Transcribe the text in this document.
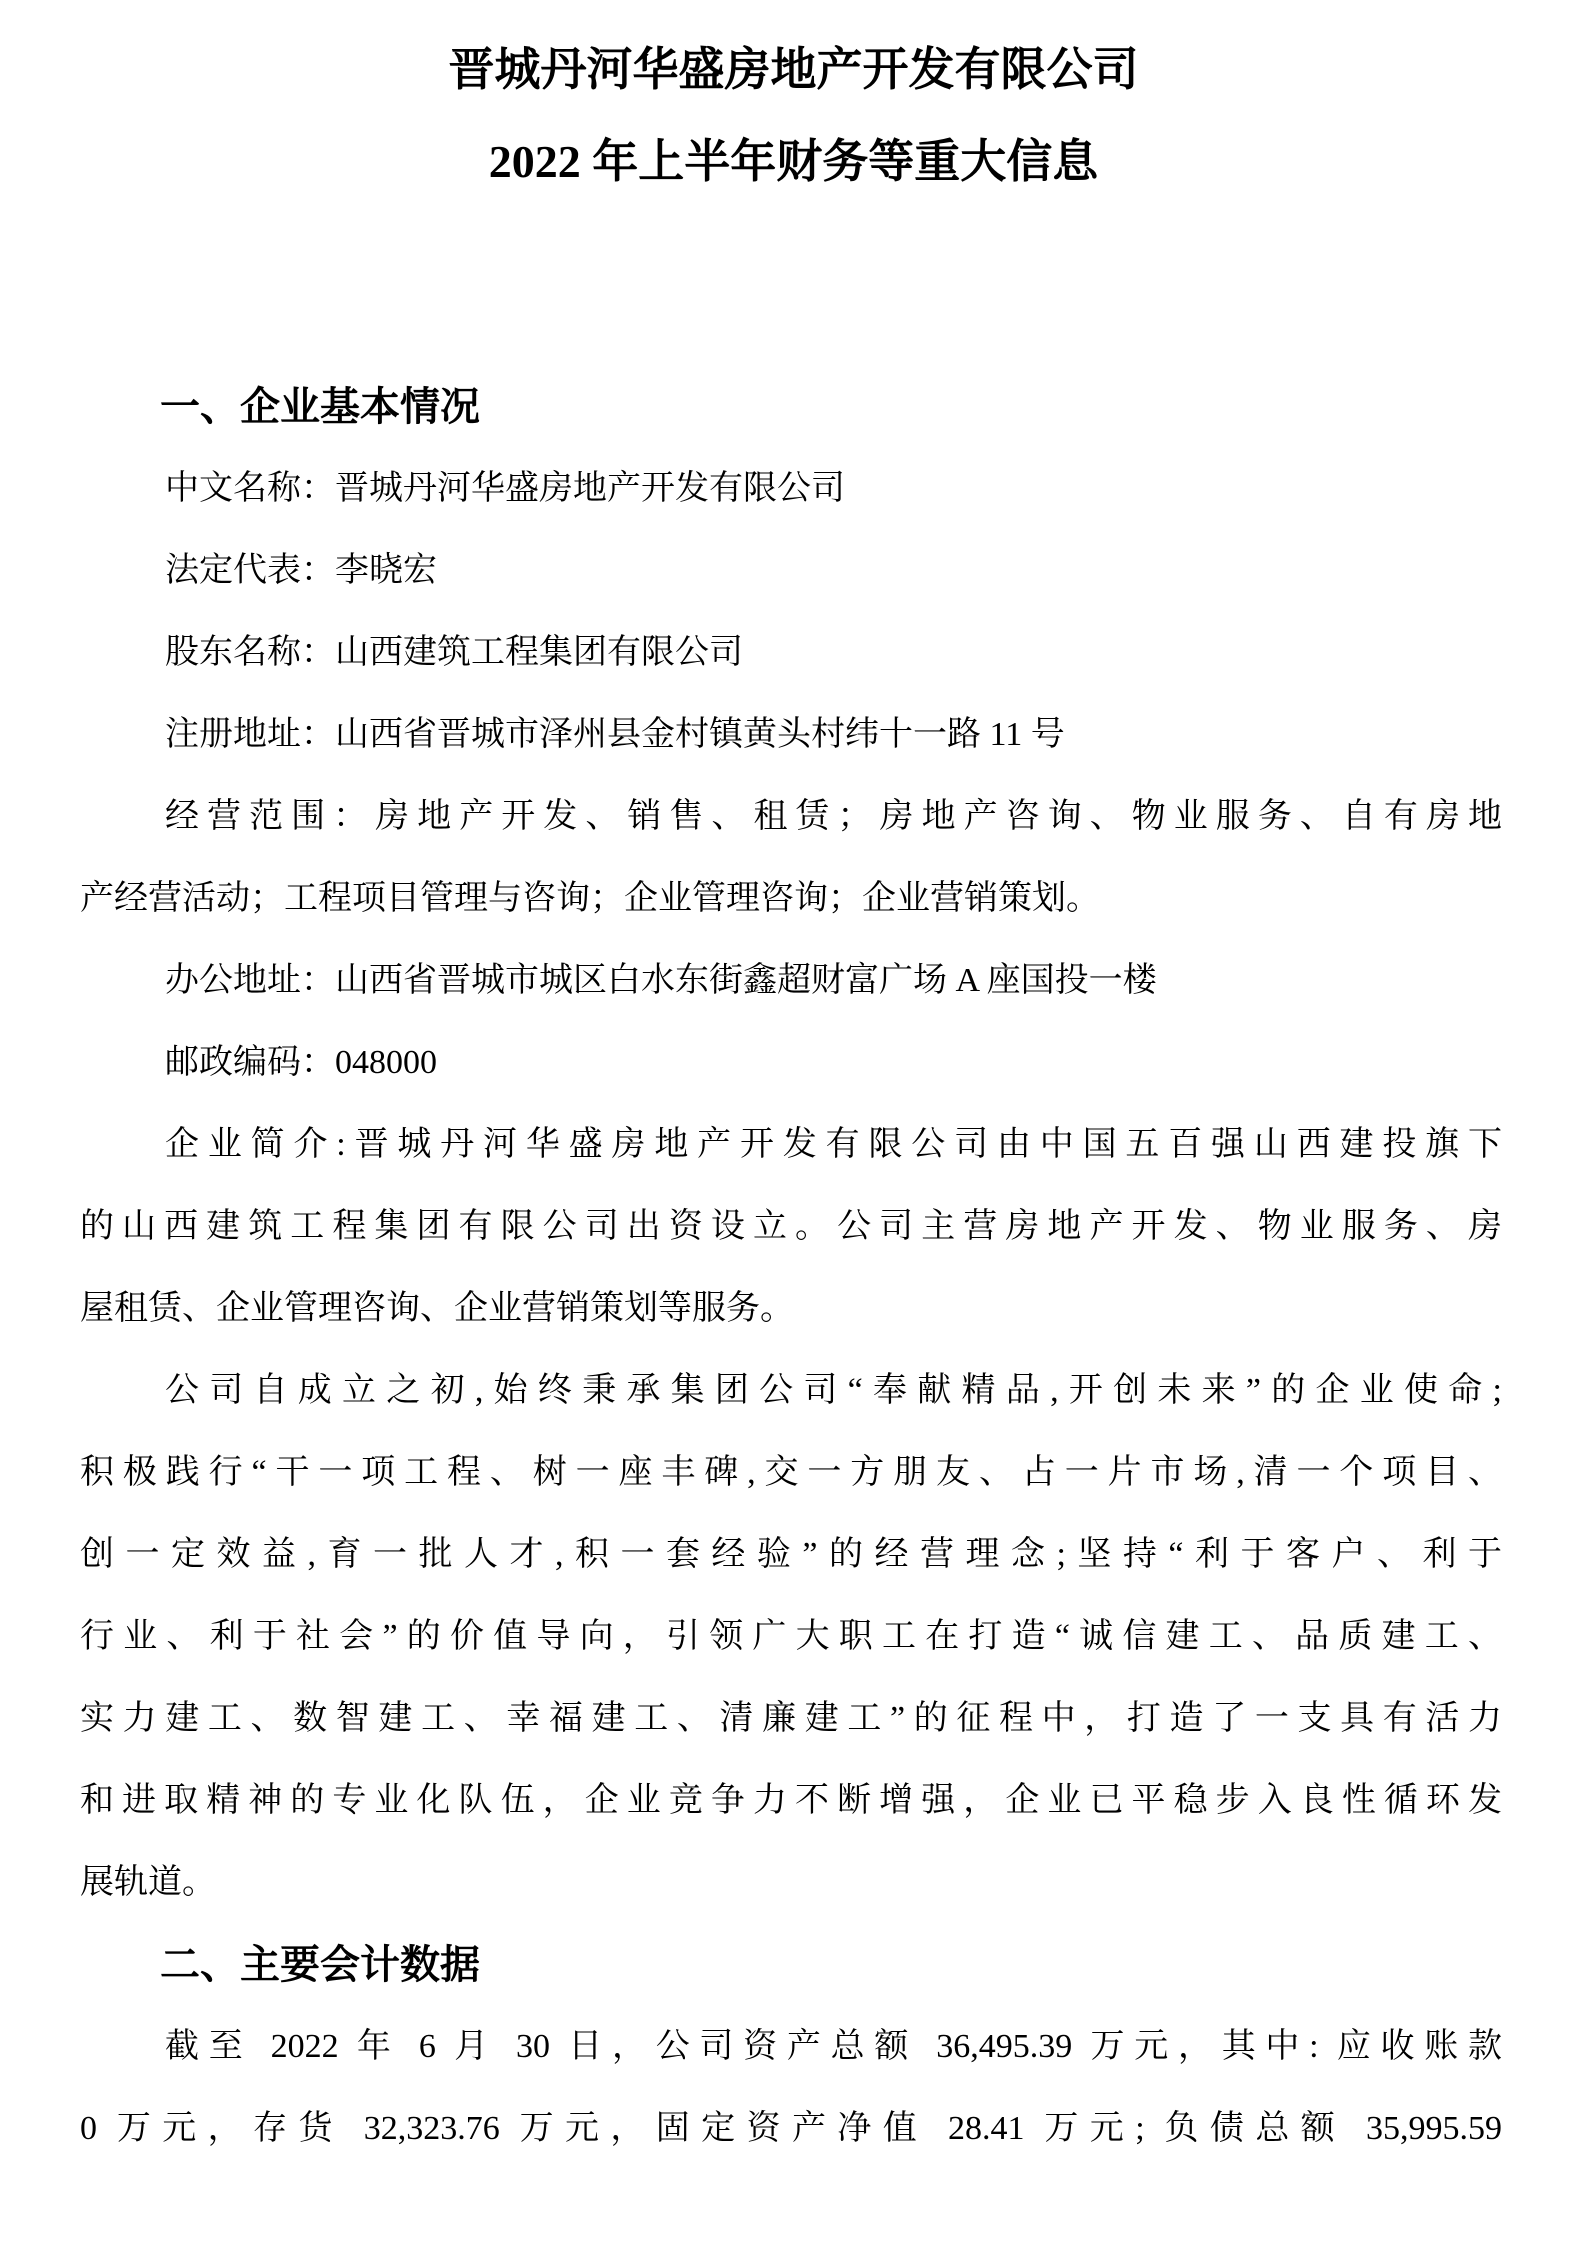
晋城丹河华盛房地产开发有限公司
2022 年上半年财务等重大信息
一、企业基本情况
中文名称：晋城丹河华盛房地产开发有限公司
法定代表：李晓宏
股东名称：山西建筑工程集团有限公司
注册地址：山西省晋城市泽州县金村镇黄头村纬十一路 11 号
经营范围：房地产开发、销售、租赁；房地产咨询、物业服务、自有房地
产经营活动；工程项目管理与咨询；企业管理咨询；企业营销策划。
办公地址：山西省晋城市城区白水东街鑫超财富广场 A 座国投一楼
邮政编码：048000
企业简介:晋城丹河华盛房地产开发有限公司由中国五百强山西建投旗下
的山西建筑工程集团有限公司出资设立。公司主营房地产开发、物业服务、房
屋租赁、企业管理咨询、企业营销策划等服务。
公司自成立之初,始终秉承集团公司“奉献精品,开创未来”的企业使命;
积极践行“干一项工程、树一座丰碑,交一方朋友、占一片市场,清一个项目、
创一定效益,育一批人才,积一套经验”的经营理念;坚持“利于客户、利于
行业、利于社会”的价值导向，引领广大职工在打造“诚信建工、品质建工、
实力建工、数智建工、幸福建工、清廉建工”的征程中，打造了一支具有活力
和进取精神的专业化队伍，企业竞争力不断增强，企业已平稳步入良性循环发
展轨道。
二、主要会计数据
截至 2022 年 6 月 30 日，公司资产总额 36,495.39 万元，其中: 应收账款
0 万元，存货 32,323.76 万元，固定资产净值 28.41 万元; 负债总额 35,995.59
